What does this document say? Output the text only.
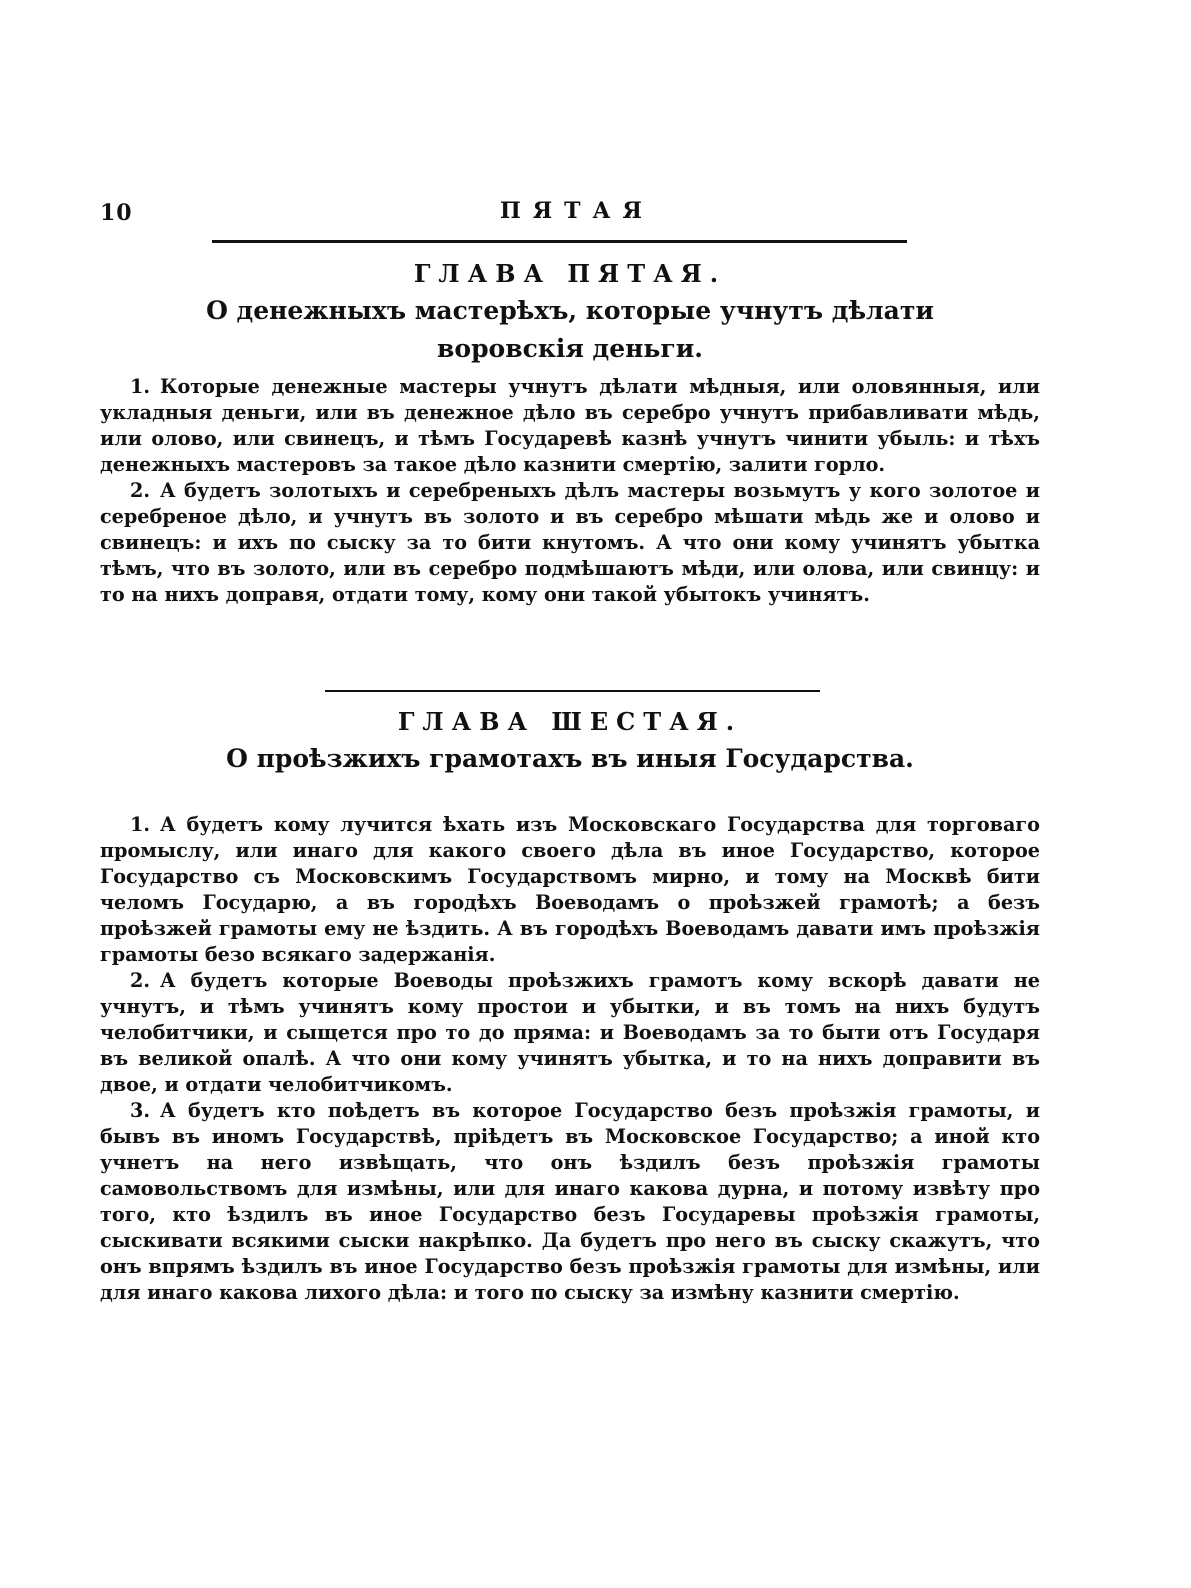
10	ПЯТАЯ
ГЛАВА ПЯТАЯ.
О денежныхъ мастерѣхъ, которые учнутъ дѣлати воровскія деньги.
1. Которые денежные мастеры учнутъ дѣлати мѣдныя, или оловянныя, или укладныя деньги, или въ денежное дѣло въ серебро учнутъ прибавливати мѣдь, или олово, или свинецъ, и тѣмъ Государевѣ казнѣ учнутъ чинити убыль: и тѣхъ денежныхъ мастеровъ за такое дѣло казнити смертію, залити горло.
2. А будетъ золотыхъ и серебреныхъ дѣлъ мастеры возьмутъ у кого золотое и серебреное дѣло, и учнутъ въ золото и въ серебро мѣшати мѣдь же и олово и свинецъ: и ихъ по сыску за то бити кнутомъ. А что они кому учинятъ убытка тѣмъ, что въ золото, или въ серебро подмѣшаютъ мѣди, или олова, или свинцу: и то на нихъ доправя, отдати тому, кому они такой убытокъ учинятъ.
ГЛАВА ШЕСТАЯ.
О проѣзжихъ грамотахъ въ иныя Государства.
1. А будетъ кому лучится ѣхать изъ Московскаго Государства для торговаго промыслу, или инаго для какого своего дѣла въ иное Государство, которое Государство съ Московскимъ Государствомъ мирно, и тому на Москвѣ бити челомъ Государю, а въ городѣхъ Воеводамъ о проѣзжей грамотѣ; а безъ проѣзжей грамоты ему не ѣздить. А въ городѣхъ Воеводамъ давати имъ проѣзжія грамоты безо всякаго задержанія.
2. А будетъ которые Воеводы проѣзжихъ грамотъ кому вскорѣ давати не учнутъ, и тѣмъ учинятъ кому простои и убытки, и въ томъ на нихъ будутъ челобитчики, и сыщется про то до пряма: и Воеводамъ за то быти отъ Государя въ великой опалѣ. А что они кому учинятъ убытка, и то на нихъ доправити въ двое, и отдати челобитчикомъ.
3. А будетъ кто поѣдетъ въ которое Государство безъ проѣзжія грамоты, и бывъ въ иномъ Государствѣ, пріѣдетъ въ Московское Государство; а иной кто учнетъ на него извѣщать, что онъ ѣздилъ безъ проѣзжія грамоты самовольствомъ для измѣны, или для инаго какова дурна, и потому извѣту про того, кто ѣздилъ въ иное Государство безъ Государевы проѣзжія грамоты, сыскивати всякими сыски накрѣпко. Да будетъ про него въ сыску скажутъ, что онъ впрямъ ѣздилъ въ иное Государство безъ проѣзжія грамоты для измѣны, или для инаго какова лихого дѣла: и того по сыску за измѣну казнити смертію.
